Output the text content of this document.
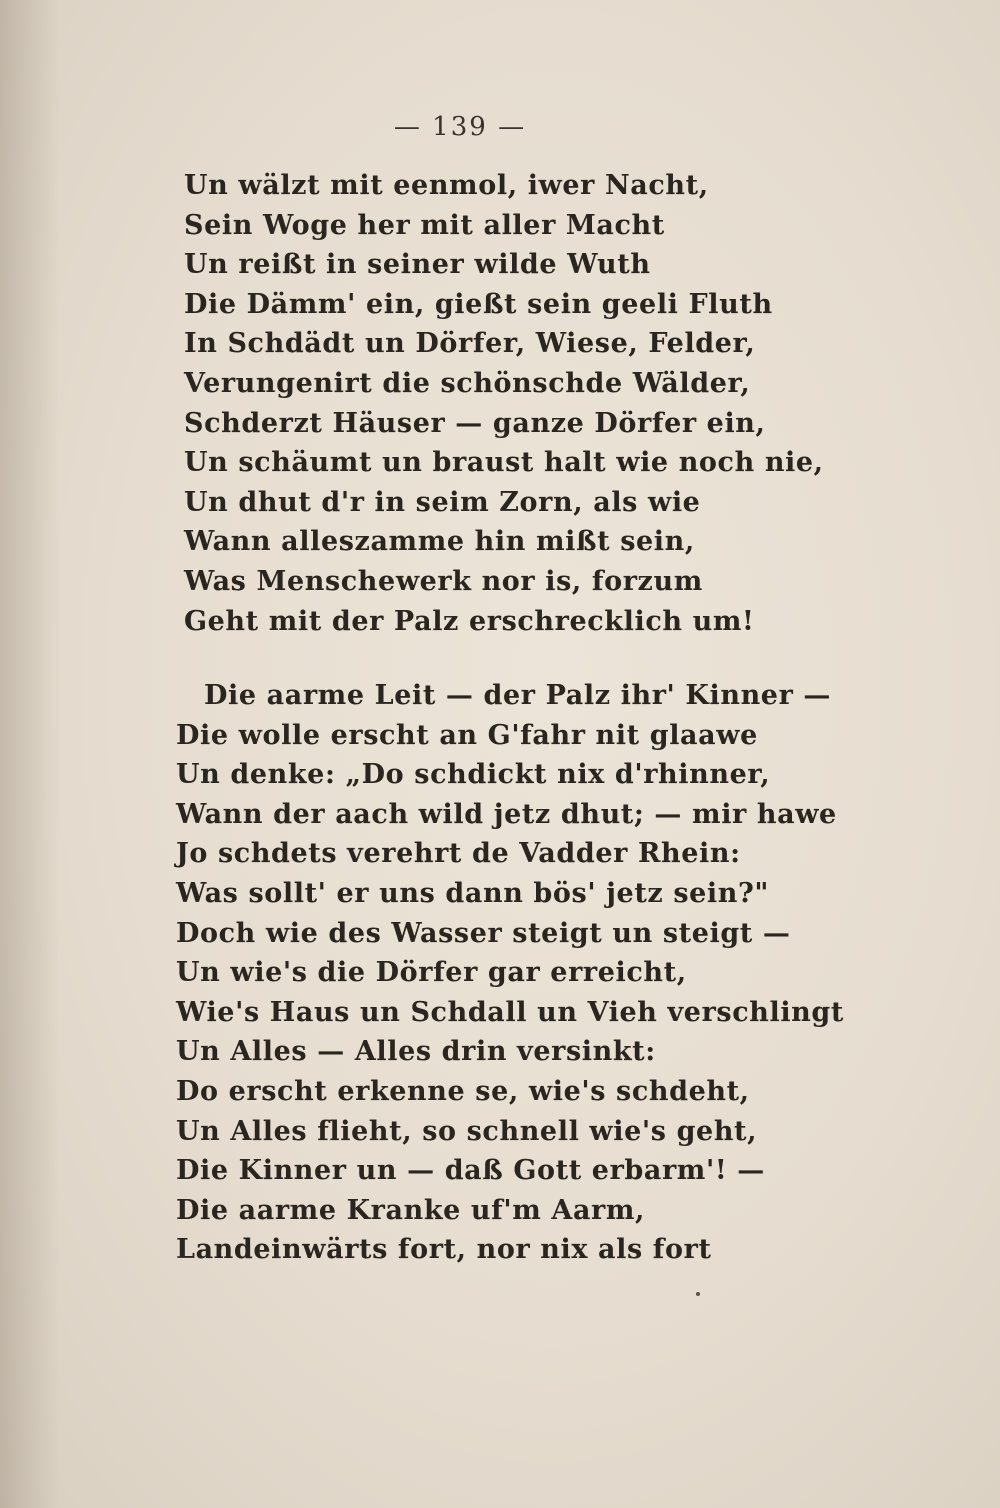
— 139 —
Un wälzt mit eenmol, iwer Nacht,
Sein Woge her mit aller Macht
Un reißt in seiner wilde Wuth
Die Dämm' ein, gießt sein geeli Fluth
In Schdädt un Dörfer, Wiese, Felder,
Verungenirt die schönschde Wälder,
Schderzt Häuser — ganze Dörfer ein,
Un schäumt un braust halt wie noch nie,
Un dhut d'r in seim Zorn, als wie
Wann alleszamme hin mißt sein,
Was Menschewerk nor is, forzum
Geht mit der Palz erschrecklich um!
Die aarme Leit — der Palz ihr' Kinner —
Die wolle erscht an G'fahr nit glaawe
Un denke: „Do schdickt nix d'rhinner,
Wann der aach wild jetz dhut; — mir hawe
Jo schdets verehrt de Vadder Rhein:
Was sollt' er uns dann bös' jetz sein?"
Doch wie des Wasser steigt un steigt —
Un wie's die Dörfer gar erreicht,
Wie's Haus un Schdall un Vieh verschlingt
Un Alles — Alles drin versinkt:
Do erscht erkenne se, wie's schdeht,
Un Alles flieht, so schnell wie's geht,
Die Kinner un — daß Gott erbarm'! —
Die aarme Kranke uf'm Aarm,
Landeinwärts fort, nor nix als fort
